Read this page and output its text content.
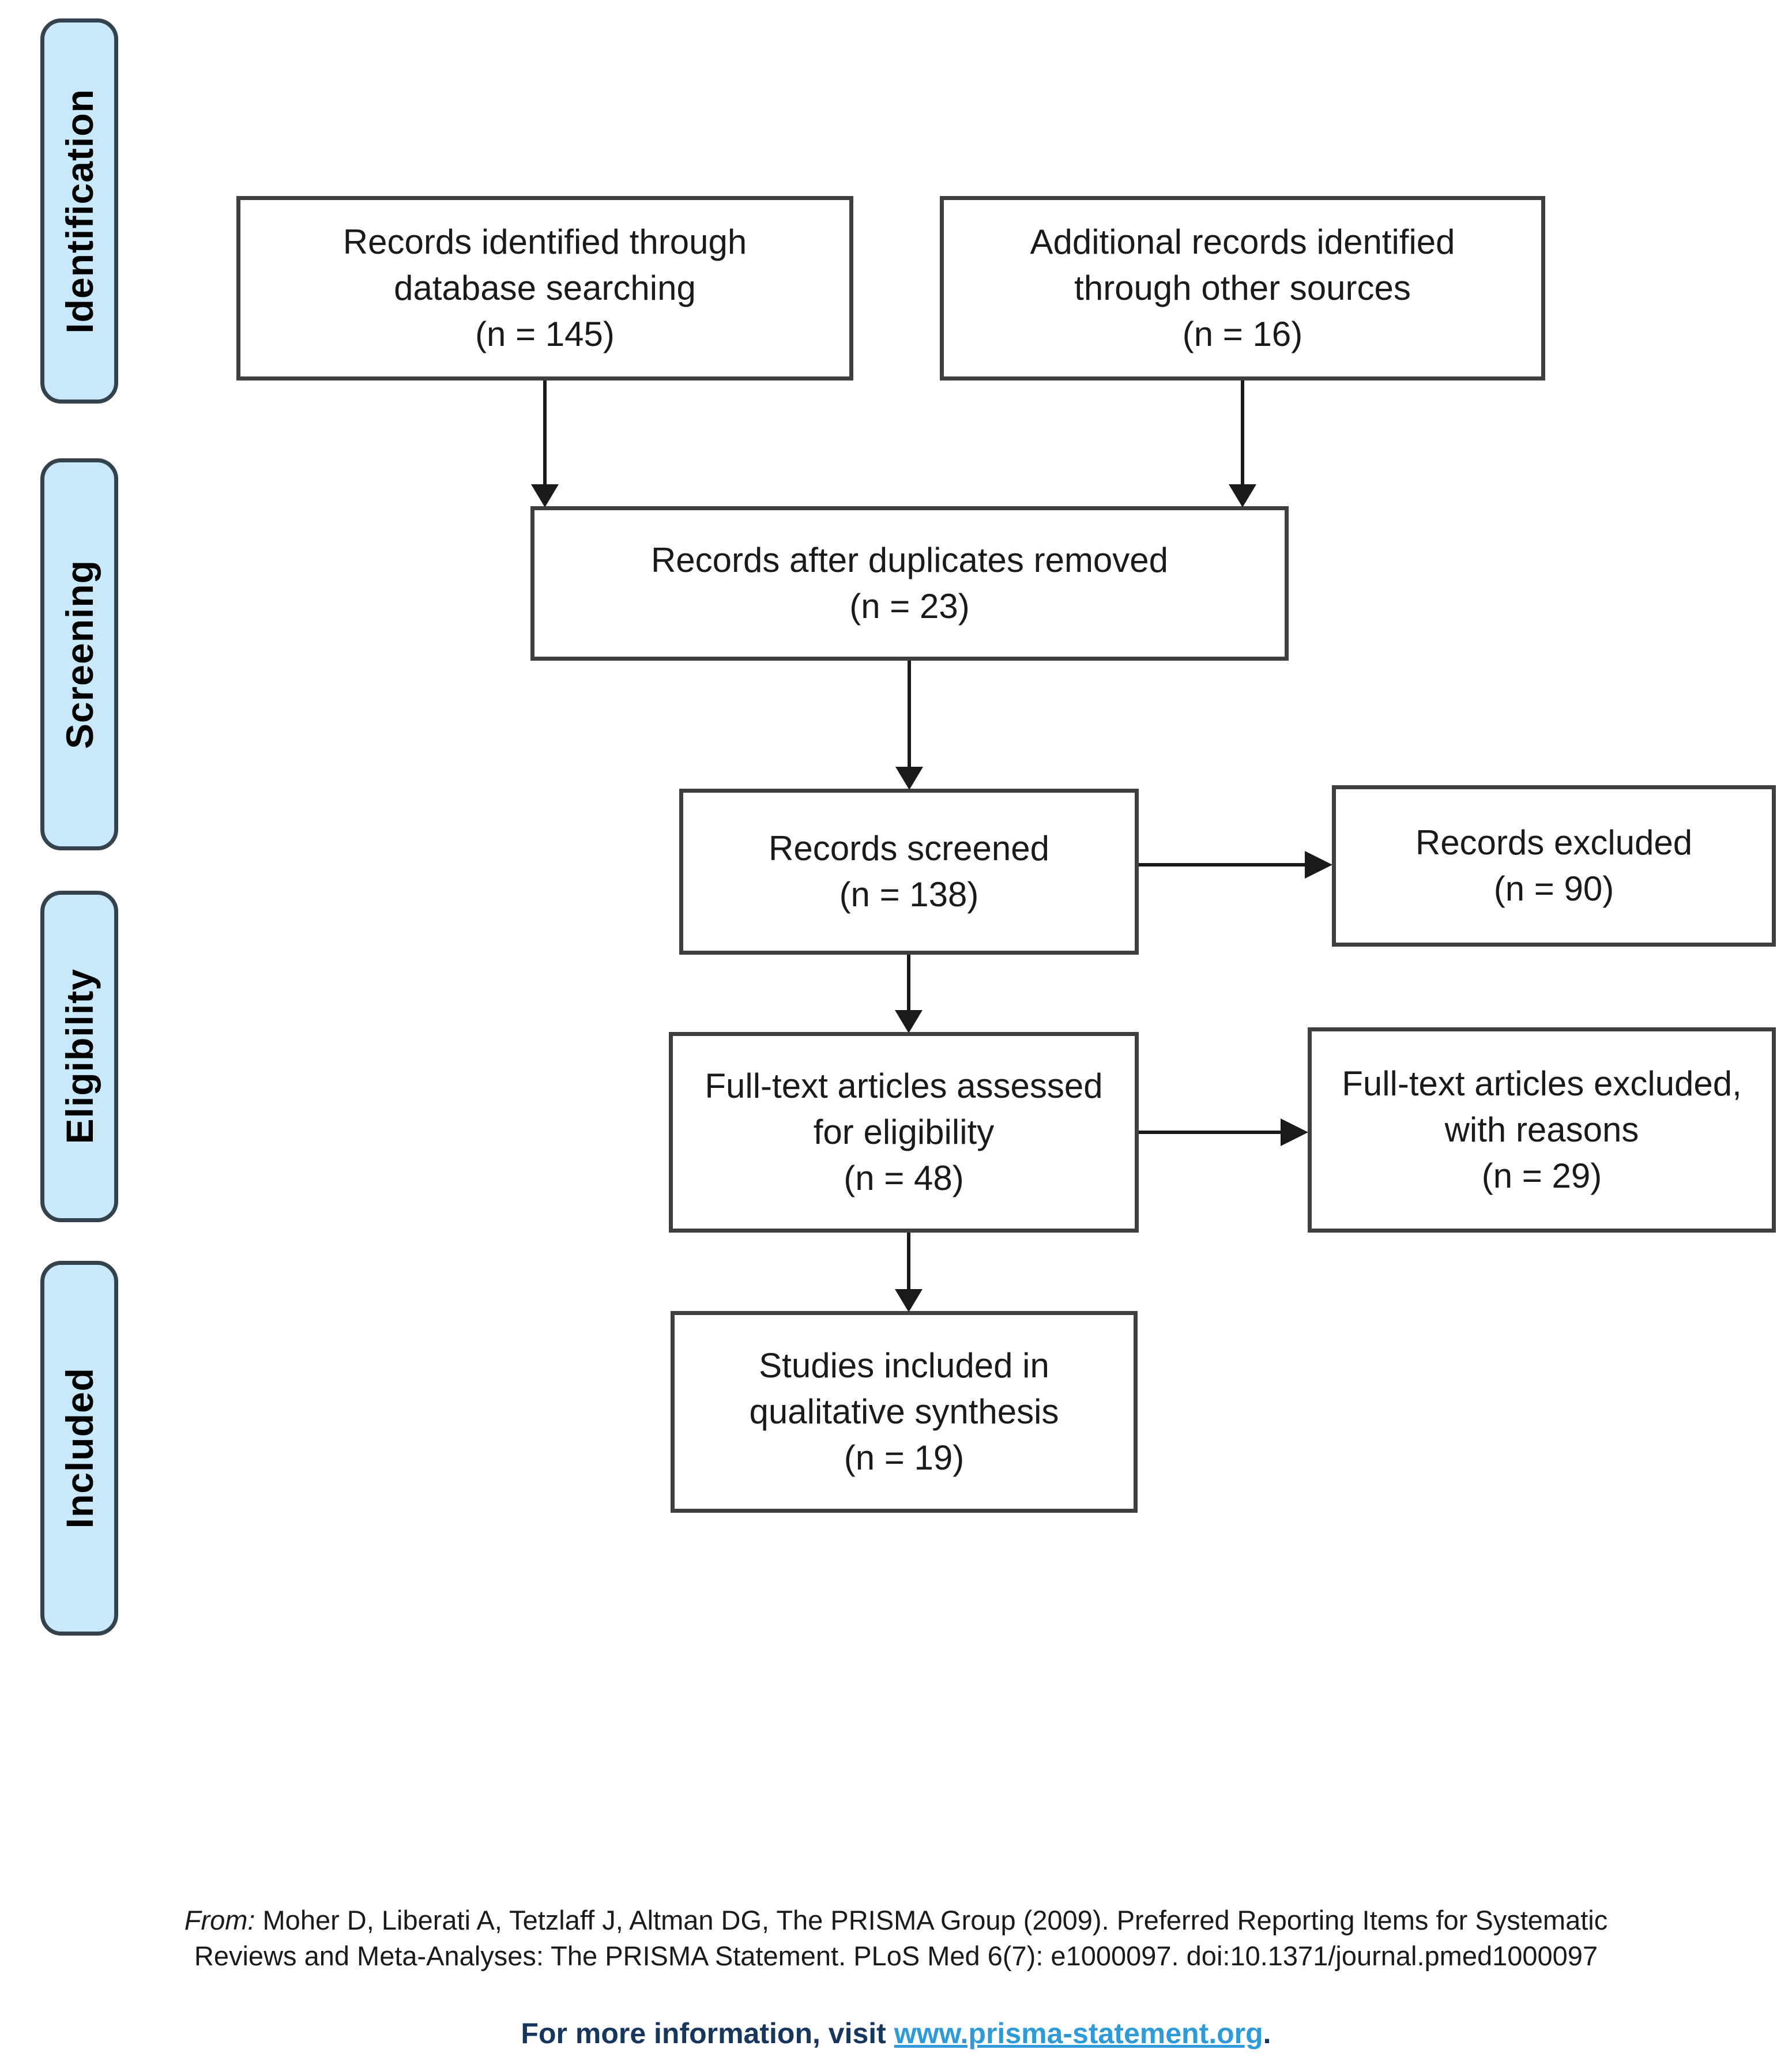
Identification
Screening
Eligibility
Included
Records identified through
database searching
(n = 145)
Additional records identified
through other sources
(n = 16)
Records after duplicates removed
(n = 23)
Records screened
(n = 138)
Records excluded
(n = 90)
Full-text articles assessed
for eligibility
(n = 48)
Full-text articles excluded,
with reasons
(n = 29)
Studies included in
qualitative synthesis
(n = 19)
From: Moher D, Liberati A, Tetzlaff J, Altman DG, The PRISMA Group (2009). Preferred Reporting Items for Systematic
Reviews and Meta-Analyses: The PRISMA Statement. PLoS Med 6(7): e1000097. doi:10.1371/journal.pmed1000097
For more information, visit www.prisma-statement.org.
